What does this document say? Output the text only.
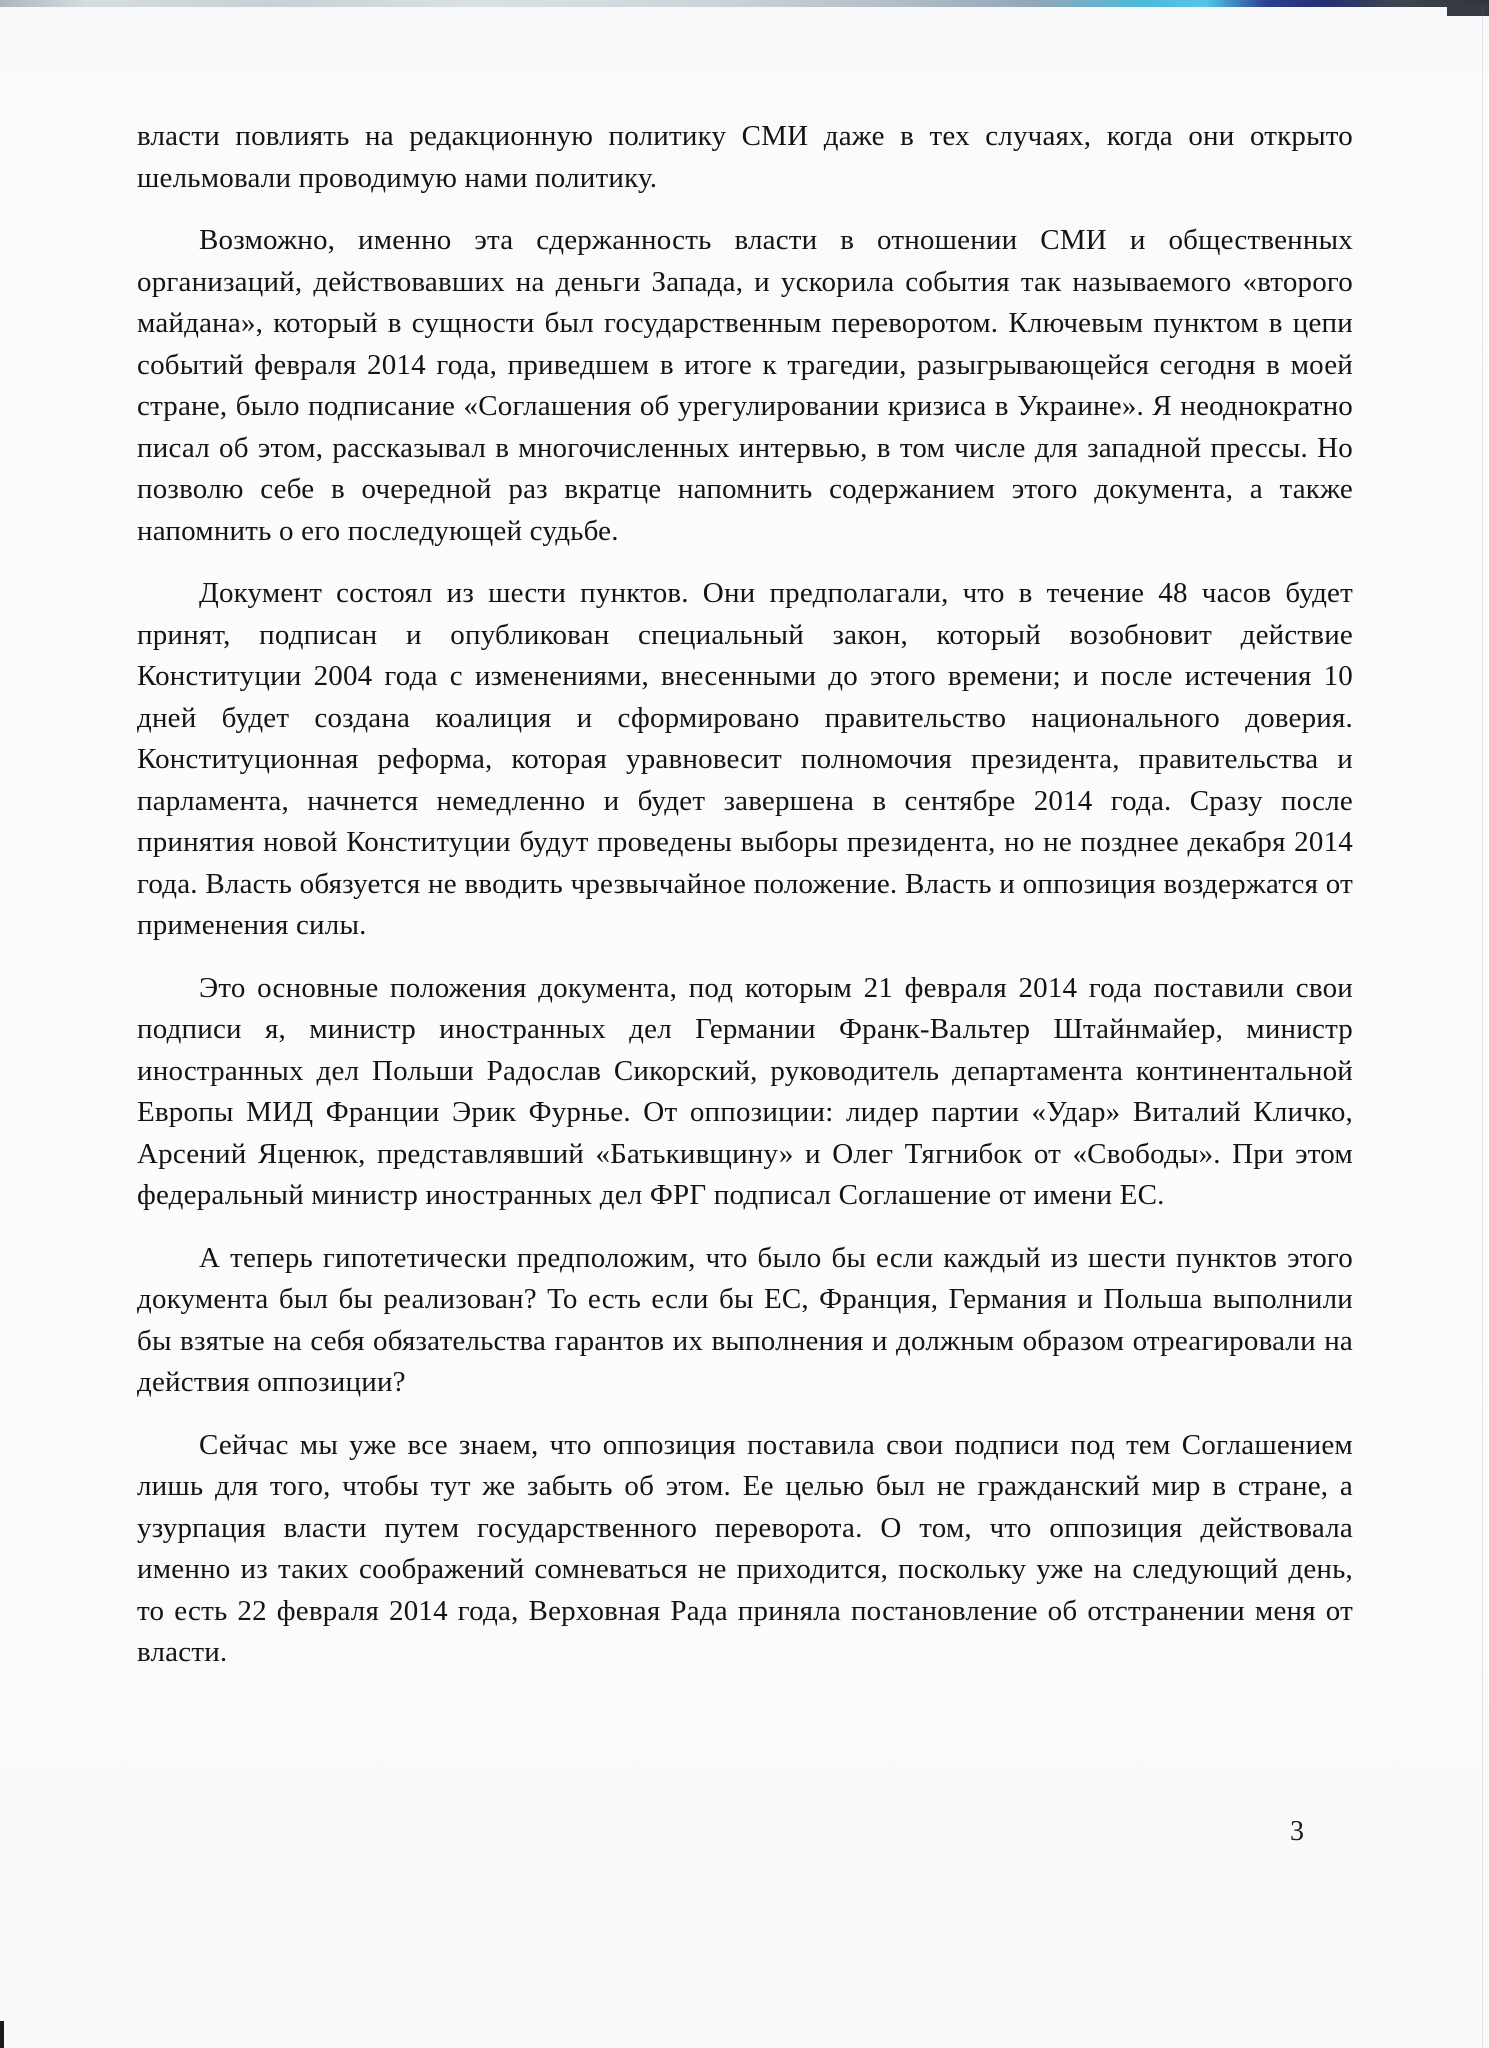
власти повлиять на редакционную политику СМИ даже в тех случаях, когда они открыто шельмовали проводимую нами политику.

Возможно, именно эта сдержанность власти в отношении СМИ и общественных организаций, действовавших на деньги Запада, и ускорила события так называемого «второго майдана», который в сущности был государственным переворотом. Ключевым пунктом в цепи событий февраля 2014 года, приведшем в итоге к трагедии, разыгрывающейся сегодня в моей стране, было подписание «Соглашения об урегулировании кризиса в Украине». Я неоднократно писал об этом, рассказывал в многочисленных интервью, в том числе для западной прессы. Но позволю себе в очередной раз вкратце напомнить содержанием этого документа, а также напомнить о его последующей судьбе.

Документ состоял из шести пунктов. Они предполагали, что в течение 48 часов будет принят, подписан и опубликован специальный закон, который возобновит действие Конституции 2004 года с изменениями, внесенными до этого времени; и после истечения 10 дней будет создана коалиция и сформировано правительство национального доверия. Конституционная реформа, которая уравновесит полномочия президента, правительства и парламента, начнется немедленно и будет завершена в сентябре 2014 года. Сразу после принятия новой Конституции будут проведены выборы президента, но не позднее декабря 2014 года. Власть обязуется не вводить чрезвычайное положение. Власть и оппозиция воздержатся от применения силы.

Это основные положения документа, под которым 21 февраля 2014 года поставили свои подписи я, министр иностранных дел Германии Франк-Вальтер Штайнмайер, министр иностранных дел Польши Радослав Сикорский, руководитель департамента континентальной Европы МИД Франции Эрик Фурнье. От оппозиции: лидер партии «Удар» Виталий Кличко, Арсений Яценюк, представлявший «Батькивщину» и Олег Тягнибок от «Свободы». При этом федеральный министр иностранных дел ФРГ подписал Соглашение от имени ЕС.

А теперь гипотетически предположим, что было бы если каждый из шести пунктов этого документа был бы реализован? То есть если бы ЕС, Франция, Германия и Польша выполнили бы взятые на себя обязательства гарантов их выполнения и должным образом отреагировали на действия оппозиции?

Сейчас мы уже все знаем, что оппозиция поставила свои подписи под тем Соглашением лишь для того, чтобы тут же забыть об этом. Ее целью был не гражданский мир в стране, а узурпация власти путем государственного переворота. О том, что оппозиция действовала именно из таких соображений сомневаться не приходится, поскольку уже на следующий день, то есть 22 февраля 2014 года, Верховная Рада приняла постановление об отстранении меня от власти.

3
